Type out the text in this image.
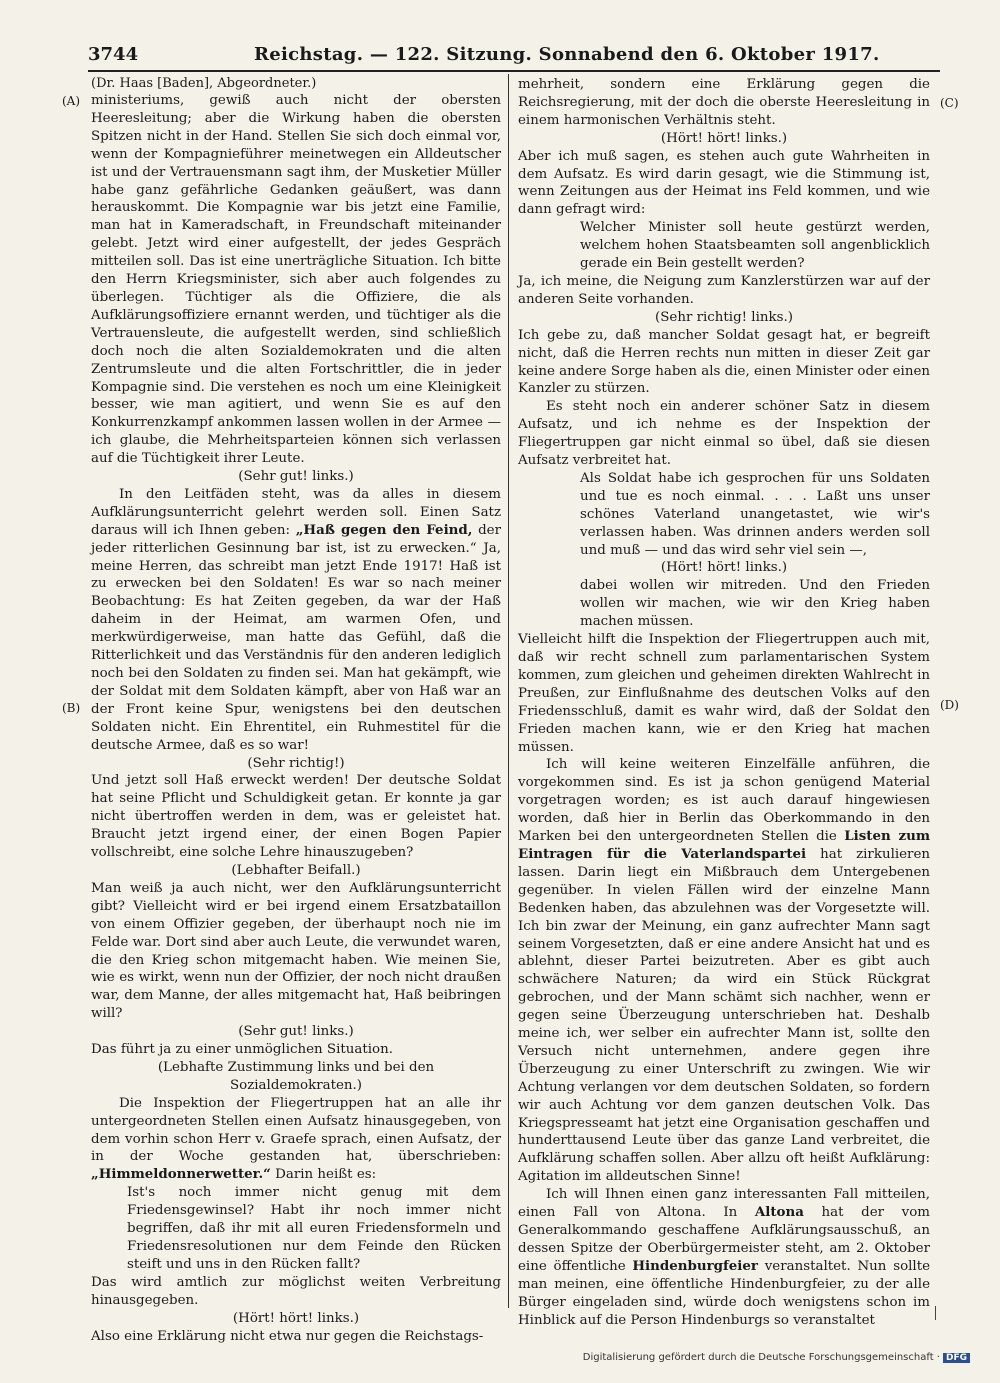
3744	Reichstag. — 122. Sitzung. Sonnabend den 6. Oktober 1917.
(Dr. Haas [Baden], Abgeordneter.)
(A)
(B)
(C)
(D)

ministeriums, gewiß auch nicht der obersten Heeresleitung; aber die Wirkung haben die obersten Spitzen nicht in der Hand. Stellen Sie sich doch einmal vor, wenn der Kompagnieführer meinetwegen ein Alldeutscher ist und der Vertrauensmann sagt ihm, der Musketier Müller habe ganz gefährliche Gedanken geäußert, was dann herauskommt. Die Kompagnie war bis jetzt eine Familie, man hat in Kameradschaft, in Freundschaft miteinander gelebt. Jetzt wird einer aufgestellt, der jedes Gespräch mitteilen soll. Das ist eine unerträgliche Situation. Ich bitte den Herrn Kriegsminister, sich aber auch folgendes zu überlegen. Tüchtiger als die Offiziere, die als Aufklärungsoffiziere ernannt werden, und tüchtiger als die Vertrauensleute, die aufgestellt werden, sind schließlich doch noch die alten Sozialdemokraten und die alten Zentrumsleute und die alten Fortschrittler, die in jeder Kompagnie sind. Die verstehen es noch um eine Kleinigkeit besser, wie man agitiert, und wenn Sie es auf den Konkurrenzkampf ankommen lassen wollen in der Armee — ich glaube, die Mehrheitsparteien können sich verlassen auf die Tüchtigkeit ihrer Leute.

(Sehr gut! links.)

In den Leitfäden steht, was da alles in diesem Aufklärungsunterricht gelehrt werden soll. Einen Satz daraus will ich Ihnen geben: „Haß gegen den Feind, der jeder ritterlichen Gesinnung bar ist, ist zu erwecken.“ Ja, meine Herren, das schreibt man jetzt Ende 1917! Haß ist zu erwecken bei den Soldaten! Es war so nach meiner Beobachtung: Es hat Zeiten gegeben, da war der Haß daheim in der Heimat, am warmen Ofen, und merkwürdigerweise, man hatte das Gefühl, daß die Ritterlichkeit und das Verständnis für den anderen lediglich noch bei den Soldaten zu finden sei. Man hat gekämpft, wie der Soldat mit dem Soldaten kämpft, aber von Haß war an der Front keine Spur, wenigstens bei den deutschen Soldaten nicht. Ein Ehrentitel, ein Ruhmestitel für die deutsche Armee, daß es so war!

(Sehr richtig!)

Und jetzt soll Haß erweckt werden! Der deutsche Soldat hat seine Pflicht und Schuldigkeit getan. Er konnte ja gar nicht übertroffen werden in dem, was er geleistet hat. Braucht jetzt irgend einer, der einen Bogen Papier vollschreibt, eine solche Lehre hinauszugeben?

(Lebhafter Beifall.)

Man weiß ja auch nicht, wer den Aufklärungsunterricht gibt? Vielleicht wird er bei irgend einem Ersatzbataillon von einem Offizier gegeben, der überhaupt noch nie im Felde war. Dort sind aber auch Leute, die verwundet waren, die den Krieg schon mitgemacht haben. Wie meinen Sie, wie es wirkt, wenn nun der Offizier, der noch nicht draußen war, dem Manne, der alles mitgemacht hat, Haß beibringen will?

(Sehr gut! links.)

Das führt ja zu einer unmöglichen Situation.

(Lebhafte Zustimmung links und bei den Sozialdemokraten.)

Die Inspektion der Fliegertruppen hat an alle ihr untergeordneten Stellen einen Aufsatz hinausgegeben, von dem vorhin schon Herr v. Graefe sprach, einen Aufsatz, der in der Woche gestanden hat, überschrieben: „Himmeldonnerwetter.“ Darin heißt es:

Ist's noch immer nicht genug mit dem Friedensgewinsel? Habt ihr noch immer nicht begriffen, daß ihr mit all euren Friedensformeln und Friedensresolutionen nur dem Feinde den Rücken steift und uns in den Rücken fallt?

Das wird amtlich zur möglichst weiten Verbreitung hinausgegeben.

(Hört! hört! links.)

Also eine Erklärung nicht etwa nur gegen die Reichstags-

mehrheit, sondern eine Erklärung gegen die Reichsregierung, mit der doch die oberste Heeresleitung in einem harmonischen Verhältnis steht.

(Hört! hört! links.)

Aber ich muß sagen, es stehen auch gute Wahrheiten in dem Aufsatz. Es wird darin gesagt, wie die Stimmung ist, wenn Zeitungen aus der Heimat ins Feld kommen, und wie dann gefragt wird:

Welcher Minister soll heute gestürzt werden, welchem hohen Staatsbeamten soll angenblicklich gerade ein Bein gestellt werden?

Ja, ich meine, die Neigung zum Kanzlerstürzen war auf der anderen Seite vorhanden.

(Sehr richtig! links.)

Ich gebe zu, daß mancher Soldat gesagt hat, er begreift nicht, daß die Herren rechts nun mitten in dieser Zeit gar keine andere Sorge haben als die, einen Minister oder einen Kanzler zu stürzen.

Es steht noch ein anderer schöner Satz in diesem Aufsatz, und ich nehme es der Inspektion der Fliegertruppen gar nicht einmal so übel, daß sie diesen Aufsatz verbreitet hat.

Als Soldat habe ich gesprochen für uns Soldaten und tue es noch einmal. . . . Laßt uns unser schönes Vaterland unangetastet, wie wir's verlassen haben. Was drinnen anders werden soll und muß — und das wird sehr viel sein —,

(Hört! hört! links.)

dabei wollen wir mitreden. Und den Frieden wollen wir machen, wie wir den Krieg haben machen müssen.

Vielleicht hilft die Inspektion der Fliegertruppen auch mit, daß wir recht schnell zum parlamentarischen System kommen, zum gleichen und geheimen direkten Wahlrecht in Preußen, zur Einflußnahme des deutschen Volks auf den Friedensschluß, damit es wahr wird, daß der Soldat den Frieden machen kann, wie er den Krieg hat machen müssen.

Ich will keine weiteren Einzelfälle anführen, die vorgekommen sind. Es ist ja schon genügend Material vorgetragen worden; es ist auch darauf hingewiesen worden, daß hier in Berlin das Oberkommando in den Marken bei den untergeordneten Stellen die Listen zum Eintragen für die Vaterlandspartei hat zirkulieren lassen. Darin liegt ein Mißbrauch dem Untergebenen gegenüber. In vielen Fällen wird der einzelne Mann Bedenken haben, das abzulehnen was der Vorgesetzte will. Ich bin zwar der Meinung, ein ganz aufrechter Mann sagt seinem Vorgesetzten, daß er eine andere Ansicht hat und es ablehnt, dieser Partei beizutreten. Aber es gibt auch schwächere Naturen; da wird ein Stück Rückgrat gebrochen, und der Mann schämt sich nachher, wenn er gegen seine Überzeugung unterschrieben hat. Deshalb meine ich, wer selber ein aufrechter Mann ist, sollte den Versuch nicht unternehmen, andere gegen ihre Überzeugung zu einer Unterschrift zu zwingen. Wie wir Achtung verlangen vor dem deutschen Soldaten, so fordern wir auch Achtung vor dem ganzen deutschen Volk. Das Kriegspresseamt hat jetzt eine Organisation geschaffen und hunderttausend Leute über das ganze Land verbreitet, die Aufklärung schaffen sollen. Aber allzu oft heißt Aufklärung: Agitation im alldeutschen Sinne!

Ich will Ihnen einen ganz interessanten Fall mitteilen, einen Fall von Altona. In Altona hat der vom Generalkommando geschaffene Aufklärungsausschuß, an dessen Spitze der Oberbürgermeister steht, am 2. Oktober eine öffentliche Hindenburgfeier veranstaltet. Nun sollte man meinen, eine öffentliche Hindenburgfeier, zu der alle Bürger eingeladen sind, würde doch wenigstens schon im Hinblick auf die Person Hindenburgs so veranstaltet

Digitalisierung gefördert durch die Deutsche Forschungsgemeinschaft · DFG
